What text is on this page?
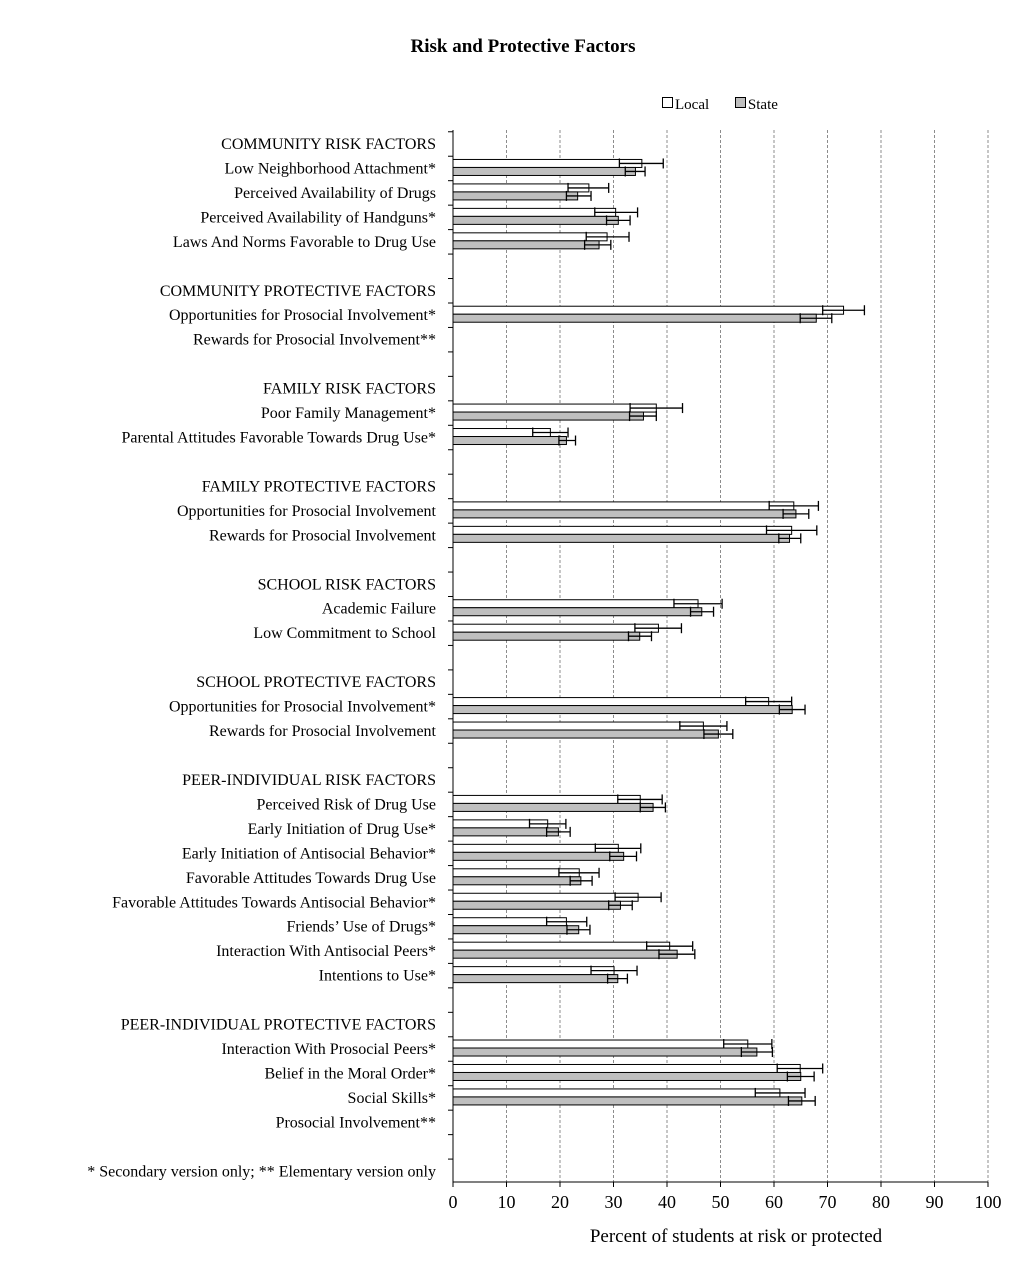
Risk and Protective Factors
Local	State
0 10 20 30 40 50 60 70 80 90 100
Percent of students at risk or protected
COMMUNITY RISK FACTORS
Low Neighborhood Attachment*
Perceived Availability of Drugs
Perceived Availability of Handguns*
Laws And Norms Favorable to Drug Use
COMMUNITY PROTECTIVE FACTORS
Opportunities for Prosocial Involvement*
Rewards for Prosocial Involvement**
FAMILY RISK FACTORS
Poor Family Management*
Parental Attitudes Favorable Towards Drug Use*
FAMILY PROTECTIVE FACTORS
Opportunities for Prosocial Involvement
Rewards for Prosocial Involvement
SCHOOL RISK FACTORS
Academic Failure
Low Commitment to School
SCHOOL PROTECTIVE FACTORS
Opportunities for Prosocial Involvement*
Rewards for Prosocial Involvement
PEER-INDIVIDUAL RISK FACTORS
Perceived Risk of Drug Use
Early Initiation of Drug Use*
Early Initiation of Antisocial Behavior*
Favorable Attitudes Towards Drug Use
Favorable Attitudes Towards Antisocial Behavior*
Friends’ Use of Drugs*
Interaction With Antisocial Peers*
Intentions to Use*
PEER-INDIVIDUAL PROTECTIVE FACTORS
Interaction With Prosocial Peers*
Belief in the Moral Order*
Social Skills*
Prosocial Involvement**
* Secondary version only; ** Elementary version only
